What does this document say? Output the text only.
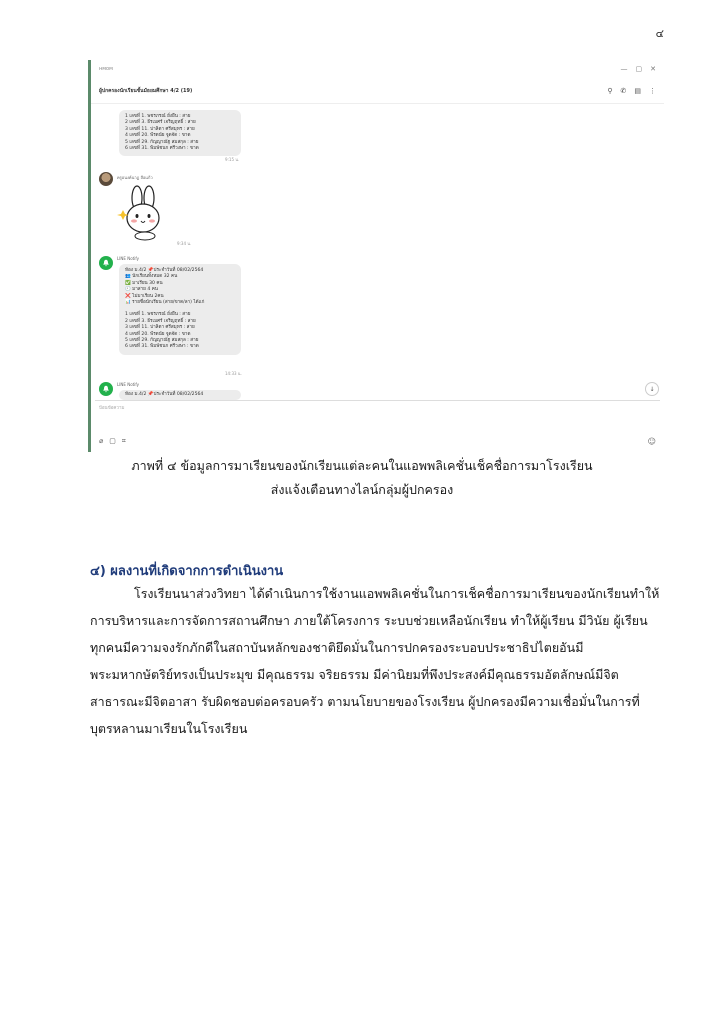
๔
ʜᴍᴏᴍ	— ▢ ✕
ผู้ปกครองนักเรียนชั้นมัธยมศึกษา 4/2 (19)	⚲ ✆ ▤ ⋮
1 เลขที่ 1. พชรภรณ์ ยั่งยืน : สาย
2 เลขที่ 3. ธีรเมศร์ เจริญฤทธิ์ : สาย
3 เลขที่ 11. ปาลิตา ศรีสมุทร : สาย
4 เลขที่ 20. พีรดนัย จูดจัด : ขาด
5 เลขที่ 29. กัญญาณัฐ สมสกุล : สาย
6 เลขที่ 31. พิมพ์ชนก ศรีวงษา : ขาด
9:15 น.
ครูอนงค์นาฏ ลือแก้ว
9:34 น.
LINE Notify
ห้อง ม.4/2 📌ประจำวันที่ 08/02/2564
👥 นักเรียนทั้งหมด 32 คน
✅ มาเรียน 30 คน
🕘 มาสาย 4 คน
❌ ไม่มาเรียน 2คน
📊 รายชื่อนักเรียน (สาย/ขาด/ลา) ได้แก่
1 เลขที่ 1. พชรภรณ์ ยั่งยืน : สาย
2 เลขที่ 3. ธีรเมศร์ เจริญฤทธิ์ : สาย
3 เลขที่ 11. ปาลิตา ศรีสมุทร : สาย
4 เลขที่ 20. พีรดนัย จูดจัด : ขาด
5 เลขที่ 29. กัญญาณัฐ สมสกุล : สาย
6 เลขที่ 31. พิมพ์ชนก ศรีวงษา : ขาด
14:33 น.
LINE Notify
ห้อง ม.4/2 📌ประจำวันที่ 08/02/2564
↓
ป้อนข้อความ
⌀ ▢ ⌗	☺
ภาพที่ ๔ ข้อมูลการมาเรียนของนักเรียนแต่ละคนในแอพพลิเคชั่นเช็คชื่อการมาโรงเรียน
ส่งแจ้งเตือนทางไลน์กลุ่มผู้ปกครอง
๔) ผลงานที่เกิดจากการดำเนินงาน
โรงเรียนนาส่วงวิทยา ได้ดำเนินการใช้งานแอพพลิเคชั่นในการเช็คชื่อการมาเรียนของนักเรียนทำให้
การบริหารและการจัดการสถานศึกษา ภายใต้โครงการ ระบบช่วยเหลือนักเรียน ทำให้ผู้เรียน มีวินัย ผู้เรียน
ทุกคนมีความจงรักภักดีในสถาบันหลักของชาติยึดมั่นในการปกครองระบอบประชาธิปไตยอันมี
พระมหากษัตริย์ทรงเป็นประมุข มีคุณธรรม จริยธรรม มีค่านิยมที่พึงประสงค์มีคุณธรรมอัตลักษณ์มีจิต
สาธารณะมีจิตอาสา รับผิดชอบต่อครอบครัว ตามนโยบายของโรงเรียน ผู้ปกครองมีความเชื่อมั่นในการที่
บุตรหลานมาเรียนในโรงเรียน
